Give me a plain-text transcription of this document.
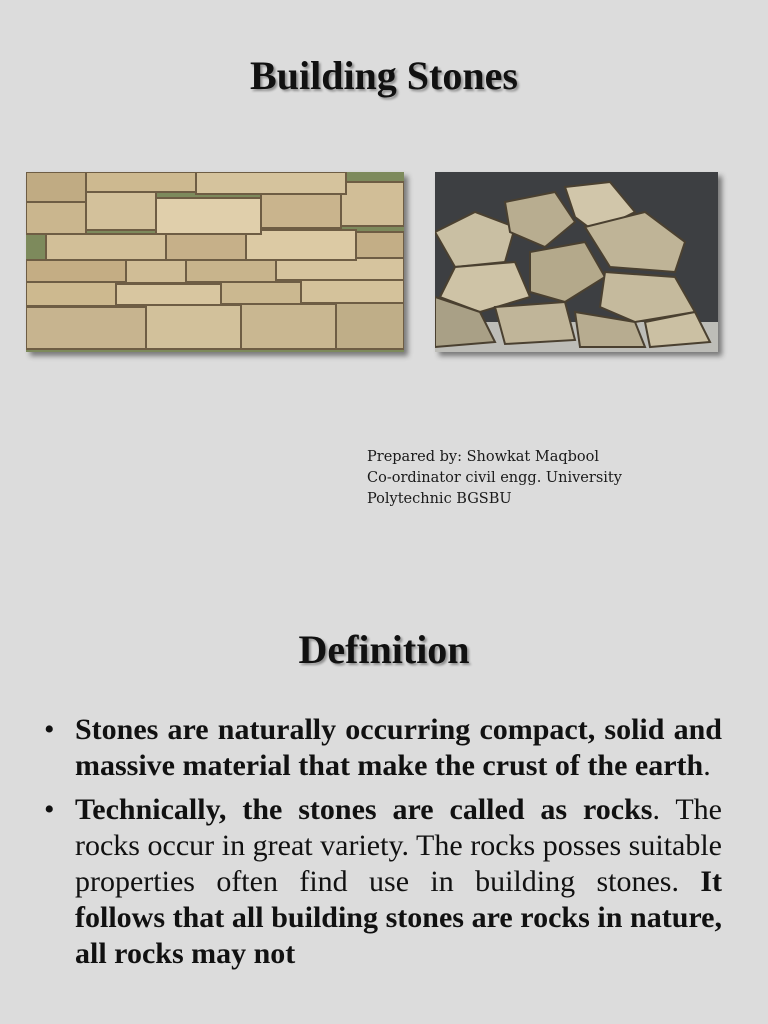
Building Stones
Prepared by: Showkat Maqbool
Co-ordinator civil engg. University
Polytechnic BGSBU
Definition
• Stones are naturally occurring compact, solid and massive material that make the crust of the earth.
• Technically, the stones are called as rocks. The rocks occur in great variety. The rocks posses suitable properties often find use in building stones. It follows that all building stones are rocks in nature, all rocks may not
